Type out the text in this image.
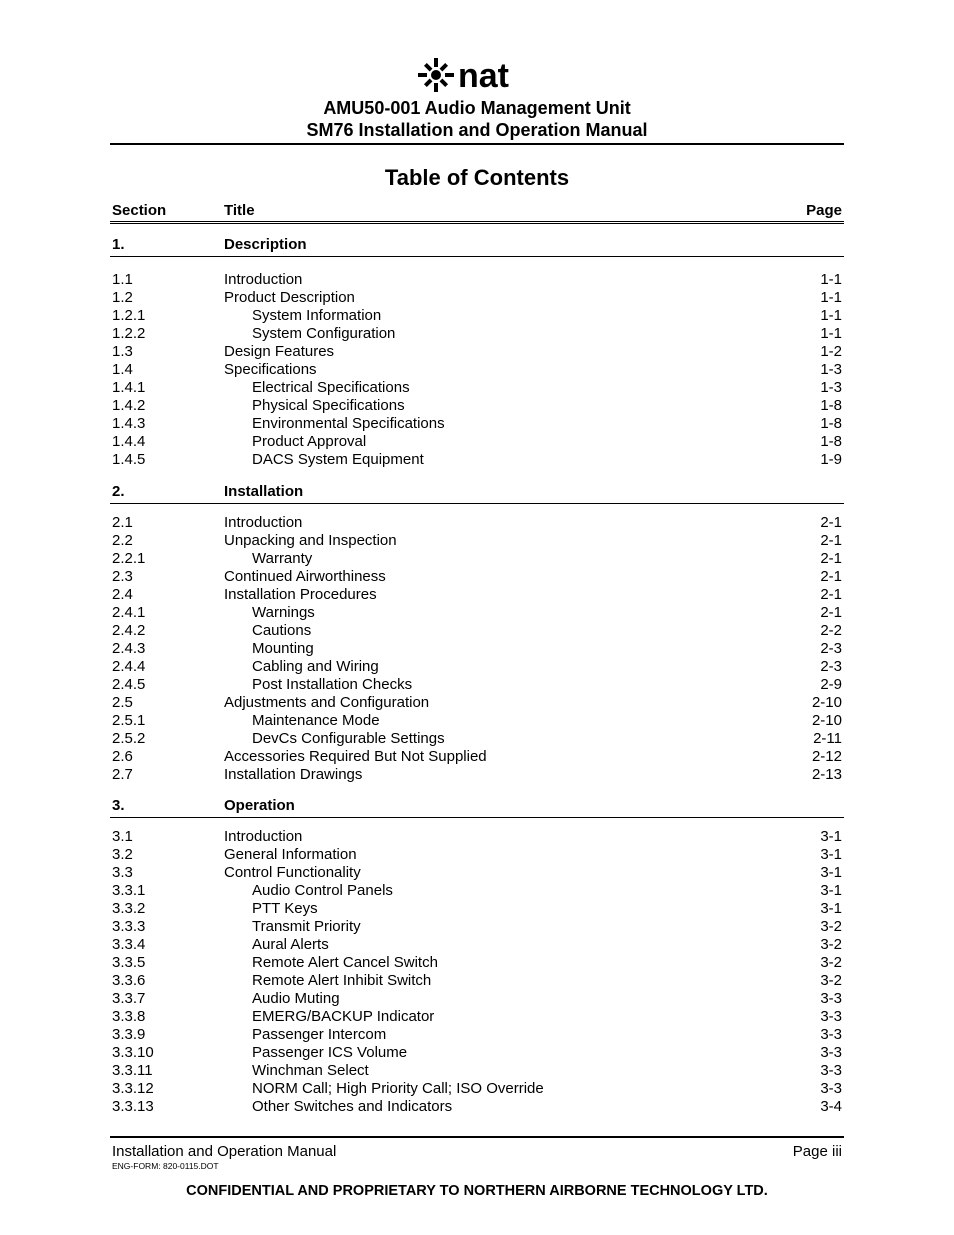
nat
AMU50-001 Audio Management Unit
SM76 Installation and Operation Manual
Table of Contents
Section	Title	Page
1.	Description
1.1	Introduction	1-1
1.2	Product Description	1-1
1.2.1	System Information	1-1
1.2.2	System Configuration	1-1
1.3	Design Features	1-2
1.4	Specifications	1-3
1.4.1	Electrical Specifications	1-3
1.4.2	Physical Specifications	1-8
1.4.3	Environmental Specifications	1-8
1.4.4	Product Approval	1-8
1.4.5	DACS System Equipment	1-9
2.	Installation
2.1	Introduction	2-1
2.2	Unpacking and Inspection	2-1
2.2.1	Warranty	2-1
2.3	Continued Airworthiness	2-1
2.4	Installation Procedures	2-1
2.4.1	Warnings	2-1
2.4.2	Cautions	2-2
2.4.3	Mounting	2-3
2.4.4	Cabling and Wiring	2-3
2.4.5	Post Installation Checks	2-9
2.5	Adjustments and Configuration	2-10
2.5.1	Maintenance Mode	2-10
2.5.2	DevCs Configurable Settings	2-11
2.6	Accessories Required But Not Supplied	2-12
2.7	Installation Drawings	2-13
3.	Operation
3.1	Introduction	3-1
3.2	General Information	3-1
3.3	Control Functionality	3-1
3.3.1	Audio Control Panels	3-1
3.3.2	PTT Keys	3-1
3.3.3	Transmit Priority	3-2
3.3.4	Aural Alerts	3-2
3.3.5	Remote Alert Cancel Switch	3-2
3.3.6	Remote Alert Inhibit Switch	3-2
3.3.7	Audio Muting	3-3
3.3.8	EMERG/BACKUP Indicator	3-3
3.3.9	Passenger Intercom	3-3
3.3.10	Passenger ICS Volume	3-3
3.3.11	Winchman Select	3-3
3.3.12	NORM Call; High Priority Call; ISO Override	3-3
3.3.13	Other Switches and Indicators	3-4
Installation and Operation Manual	Page iii
ENG-FORM: 820-0115.DOT
CONFIDENTIAL AND PROPRIETARY TO NORTHERN AIRBORNE TECHNOLOGY LTD.
